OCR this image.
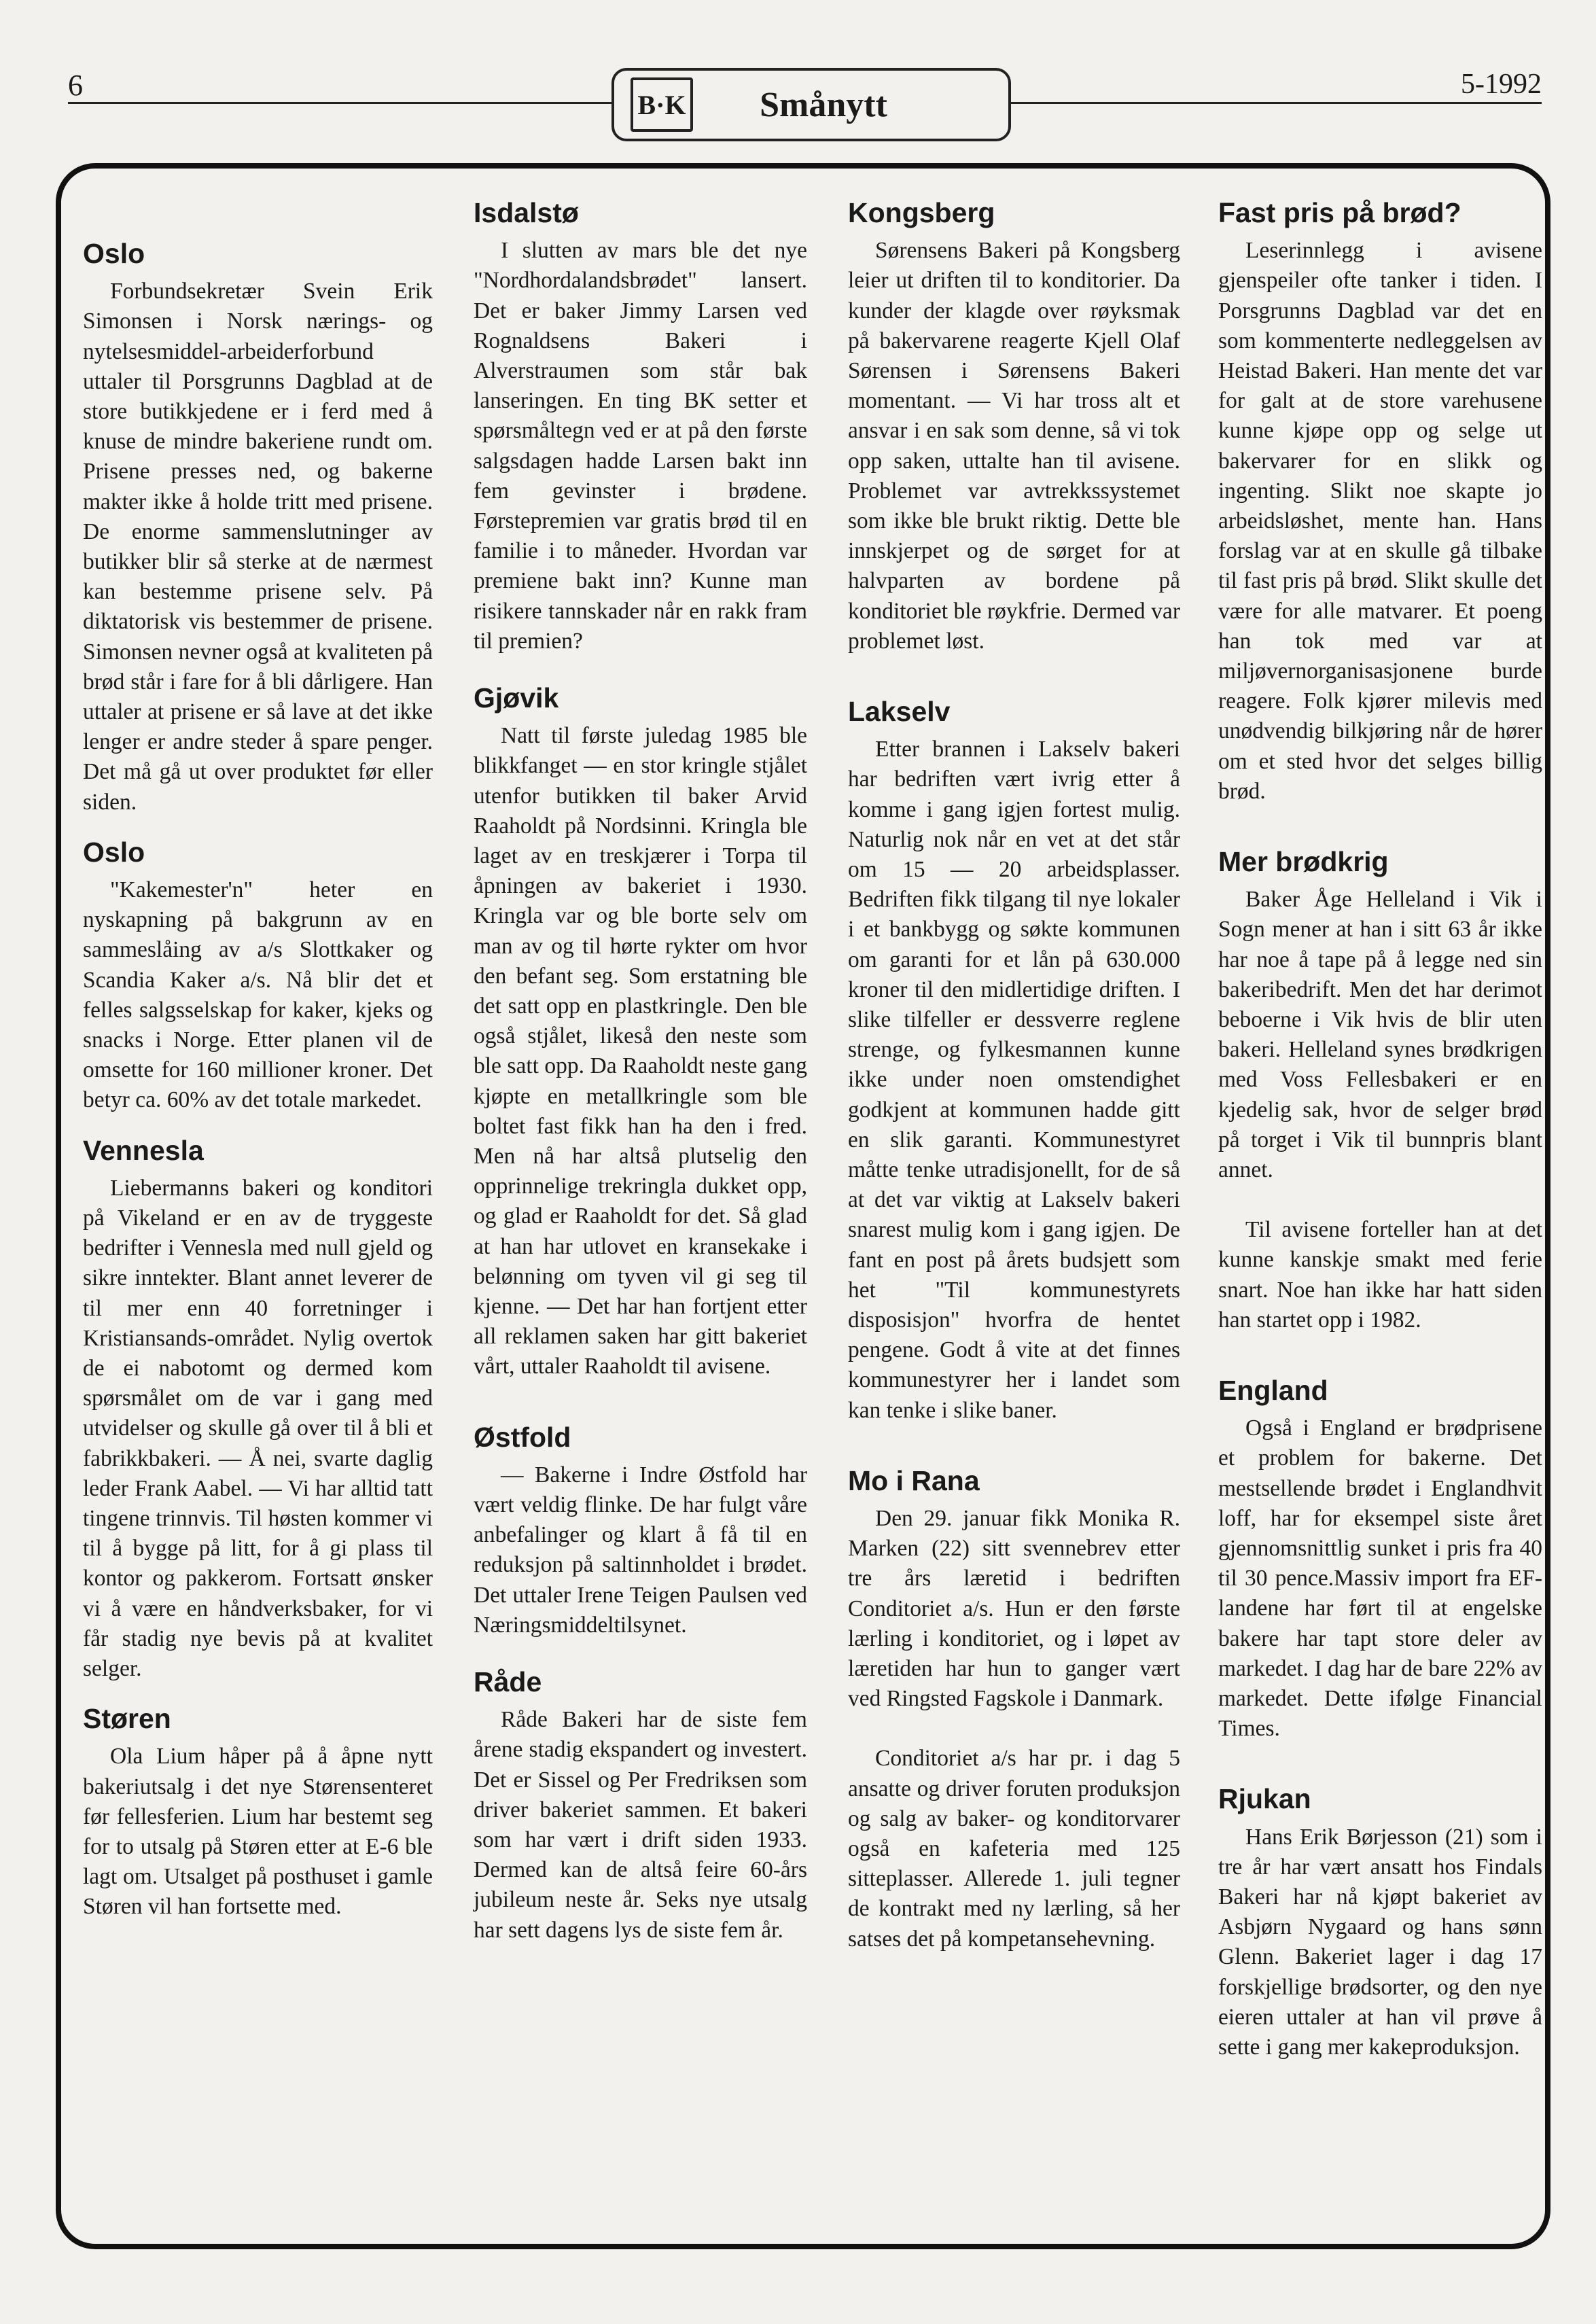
6
B·K	Smånytt
5-1992
Oslo

Forbundsekretær Svein Erik Simonsen i Norsk nærings- og nytelsesmiddel-arbeiderforbund uttaler til Porsgrunns Dagblad at de store butikkjedene er i ferd med å knuse de mindre bakeriene rundt om. Prisene presses ned, og bakerne makter ikke å holde tritt med prisene. De enorme sammenslutninger av butikker blir så sterke at de nærmest kan bestemme prisene selv. På diktatorisk vis bestemmer de prisene. Simonsen nevner også at kvaliteten på brød står i fare for å bli dårligere. Han uttaler at prisene er så lave at det ikke lenger er andre steder å spare penger. Det må gå ut over produktet før eller siden.

Oslo

"Kakemester'n" heter en nyskapning på bakgrunn av en sammeslåing av a/s Slottkaker og Scandia Kaker a/s. Nå blir det et felles salgsselskap for kaker, kjeks og snacks i Norge. Etter planen vil de omsette for 160 millioner kroner. Det betyr ca. 60% av det totale markedet.

Vennesla

Liebermanns bakeri og konditori på Vikeland er en av de tryggeste bedrifter i Vennesla med null gjeld og sikre inntekter. Blant annet leverer de til mer enn 40 forretninger i Kristiansands-området. Nylig overtok de ei nabotomt og dermed kom spørsmålet om de var i gang med utvidelser og skulle gå over til å bli et fabrikkbakeri. — Å nei, svarte daglig leder Frank Aabel. — Vi har alltid tatt tingene trinnvis. Til høsten kommer vi til å bygge på litt, for å gi plass til kontor og pakkerom. Fortsatt ønsker vi å være en håndverksbaker, for vi får stadig nye bevis på at kvalitet selger.

Støren

Ola Lium håper på å åpne nytt bakeriutsalg i det nye Størensenteret før fellesferien. Lium har bestemt seg for to utsalg på Støren etter at E-6 ble lagt om. Utsalget på posthuset i gamle Støren vil han fortsette med.

Isdalstø

I slutten av mars ble det nye "Nordhordalandsbrødet" lansert. Det er baker Jimmy Larsen ved Rognaldsens Bakeri i Alverstraumen som står bak lanseringen. En ting BK setter et spørsmåltegn ved er at på den første salgsdagen hadde Larsen bakt inn fem gevinster i brødene. Førstepremien var gratis brød til en familie i to måneder. Hvordan var premiene bakt inn? Kunne man risikere tannskader når en rakk fram til premien?

Gjøvik

Natt til første juledag 1985 ble blikkfanget — en stor kringle stjålet utenfor butikken til baker Arvid Raaholdt på Nordsinni. Kringla ble laget av en treskjærer i Torpa til åpningen av bakeriet i 1930. Kringla var og ble borte selv om man av og til hørte rykter om hvor den befant seg. Som erstatning ble det satt opp en plastkringle. Den ble også stjålet, likeså den neste som ble satt opp. Da Raaholdt neste gang kjøpte en metallkringle som ble boltet fast fikk han ha den i fred. Men nå har altså plutselig den opprinnelige trekringla dukket opp, og glad er Raaholdt for det. Så glad at han har utlovet en kransekake i belønning om tyven vil gi seg til kjenne. — Det har han fortjent etter all reklamen saken har gitt bakeriet vårt, uttaler Raaholdt til avisene.

Østfold

— Bakerne i Indre Østfold har vært veldig flinke. De har fulgt våre anbefalinger og klart å få til en reduksjon på saltinnholdet i brødet. Det uttaler Irene Teigen Paulsen ved Næringsmiddeltilsynet.

Råde

Råde Bakeri har de siste fem årene stadig ekspandert og investert. Det er Sissel og Per Fredriksen som driver bakeriet sammen. Et bakeri som har vært i drift siden 1933. Dermed kan de altså feire 60-års jubileum neste år. Seks nye utsalg har sett dagens lys de siste fem år.

Kongsberg

Sørensens Bakeri på Kongsberg leier ut driften til to konditorier. Da kunder der klagde over røyksmak på bakervarene reagerte Kjell Olaf Sørensen i Sørensens Bakeri momentant. — Vi har tross alt et ansvar i en sak som denne, så vi tok opp saken, uttalte han til avisene. Problemet var avtrekkssystemet som ikke ble brukt riktig. Dette ble innskjerpet og de sørget for at halvparten av bordene på konditoriet ble røykfrie. Dermed var problemet løst.

Lakselv

Etter brannen i Lakselv bakeri har bedriften vært ivrig etter å komme i gang igjen fortest mulig. Naturlig nok når en vet at det står om 15 — 20 arbeidsplasser. Bedriften fikk tilgang til nye lokaler i et bankbygg og søkte kommunen om garanti for et lån på 630.000 kroner til den midlertidige driften. I slike tilfeller er dessverre reglene strenge, og fylkesmannen kunne ikke under noen omstendighet godkjent at kommunen hadde gitt en slik garanti. Kommunestyret måtte tenke utradisjonellt, for de så at det var viktig at Lakselv bakeri snarest mulig kom i gang igjen. De fant en post på årets budsjett som het "Til kommunestyrets disposisjon" hvorfra de hentet pengene. Godt å vite at det finnes kommunestyrer her i landet som kan tenke i slike baner.

Mo i Rana

Den 29. januar fikk Monika R. Marken (22) sitt svennebrev etter tre års læretid i bedriften Conditoriet a/s. Hun er den første lærling i konditoriet, og i løpet av læretiden har hun to ganger vært ved Ringsted Fagskole i Danmark.

Conditoriet a/s har pr. i dag 5 ansatte og driver foruten produksjon og salg av baker- og konditorvarer også en kafeteria med 125 sitteplasser. Allerede 1. juli tegner de kontrakt med ny lærling, så her satses det på kompetansehevning.

Fast pris på brød?

Leserinnlegg i avisene gjenspeiler ofte tanker i tiden. I Porsgrunns Dagblad var det en som kommenterte nedleggelsen av Heistad Bakeri. Han mente det var for galt at de store varehusene kunne kjøpe opp og selge ut bakervarer for en slikk og ingenting. Slikt noe skapte jo arbeidsløshet, mente han. Hans forslag var at en skulle gå tilbake til fast pris på brød. Slikt skulle det være for alle matvarer. Et poeng han tok med var at miljøvernorganisasjonene burde reagere. Folk kjører milevis med unødvendig bilkjøring når de hører om et sted hvor det selges billig brød.

Mer brødkrig

Baker Åge Helleland i Vik i Sogn mener at han i sitt 63 år ikke har noe å tape på å legge ned sin bakeribedrift. Men det har derimot beboerne i Vik hvis de blir uten bakeri. Helleland synes brødkrigen med Voss Fellesbakeri er en kjedelig sak, hvor de selger brød på torget i Vik til bunnpris blant annet.

Til avisene forteller han at det kunne kanskje smakt med ferie snart. Noe han ikke har hatt siden han startet opp i 1982.

England

Også i England er brødprisene et problem for bakerne. Det mestsellende brødet i Englandhvit loff, har for eksempel siste året gjennomsnittlig sunket i pris fra 40 til 30 pence.Massiv import fra EF-landene har ført til at engelske bakere har tapt store deler av markedet. I dag har de bare 22% av markedet. Dette ifølge Financial Times.

Rjukan

Hans Erik Børjesson (21) som i tre år har vært ansatt hos Findals Bakeri har nå kjøpt bakeriet av Asbjørn Nygaard og hans sønn Glenn. Bakeriet lager i dag 17 forskjellige brødsorter, og den nye eieren uttaler at han vil prøve å sette i gang mer kakeproduksjon.
